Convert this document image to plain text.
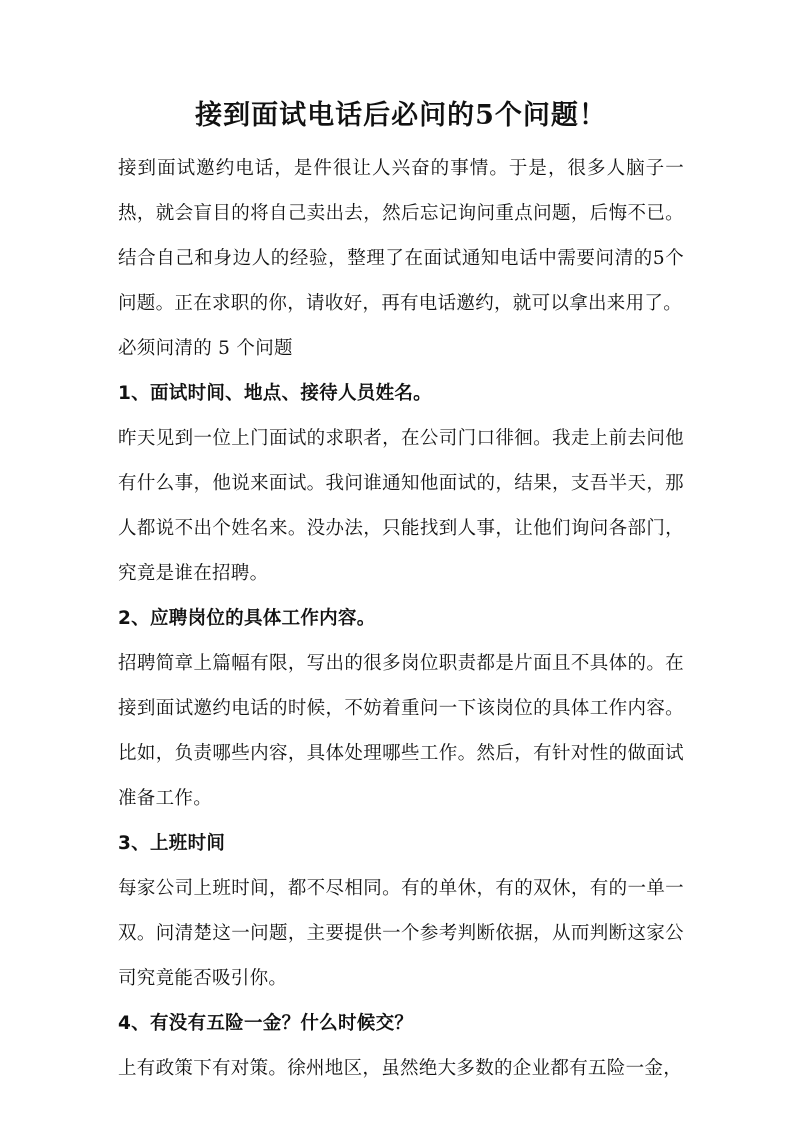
接到面试电话后必问的5个问题！

接到面试邀约电话，是件很让人兴奋的事情。于是，很多人脑子一热，就会盲目的将自己卖出去，然后忘记询问重点问题，后悔不已。结合自己和身边人的经验，整理了在面试通知电话中需要问清的5个问题。正在求职的你，请收好，再有电话邀约，就可以拿出来用了。

必须问清的 5 个问题

1、面试时间、地点、接待人员姓名。

昨天见到一位上门面试的求职者，在公司门口徘徊。我走上前去问他有什么事，他说来面试。我问谁通知他面试的，结果，支吾半天，那人都说不出个姓名来。没办法，只能找到人事，让他们询问各部门，究竟是谁在招聘。

2、应聘岗位的具体工作内容。

招聘简章上篇幅有限，写出的很多岗位职责都是片面且不具体的。在接到面试邀约电话的时候，不妨着重问一下该岗位的具体工作内容。比如，负责哪些内容，具体处理哪些工作。然后，有针对性的做面试准备工作。

3、上班时间

每家公司上班时间，都不尽相同。有的单休，有的双休，有的一单一双。问清楚这一问题，主要提供一个参考判断依据，从而判断这家公司究竟能否吸引你。

4、有没有五险一金？什么时候交？

上有政策下有对策。徐州地区，虽然绝大多数的企业都有五险一金，
